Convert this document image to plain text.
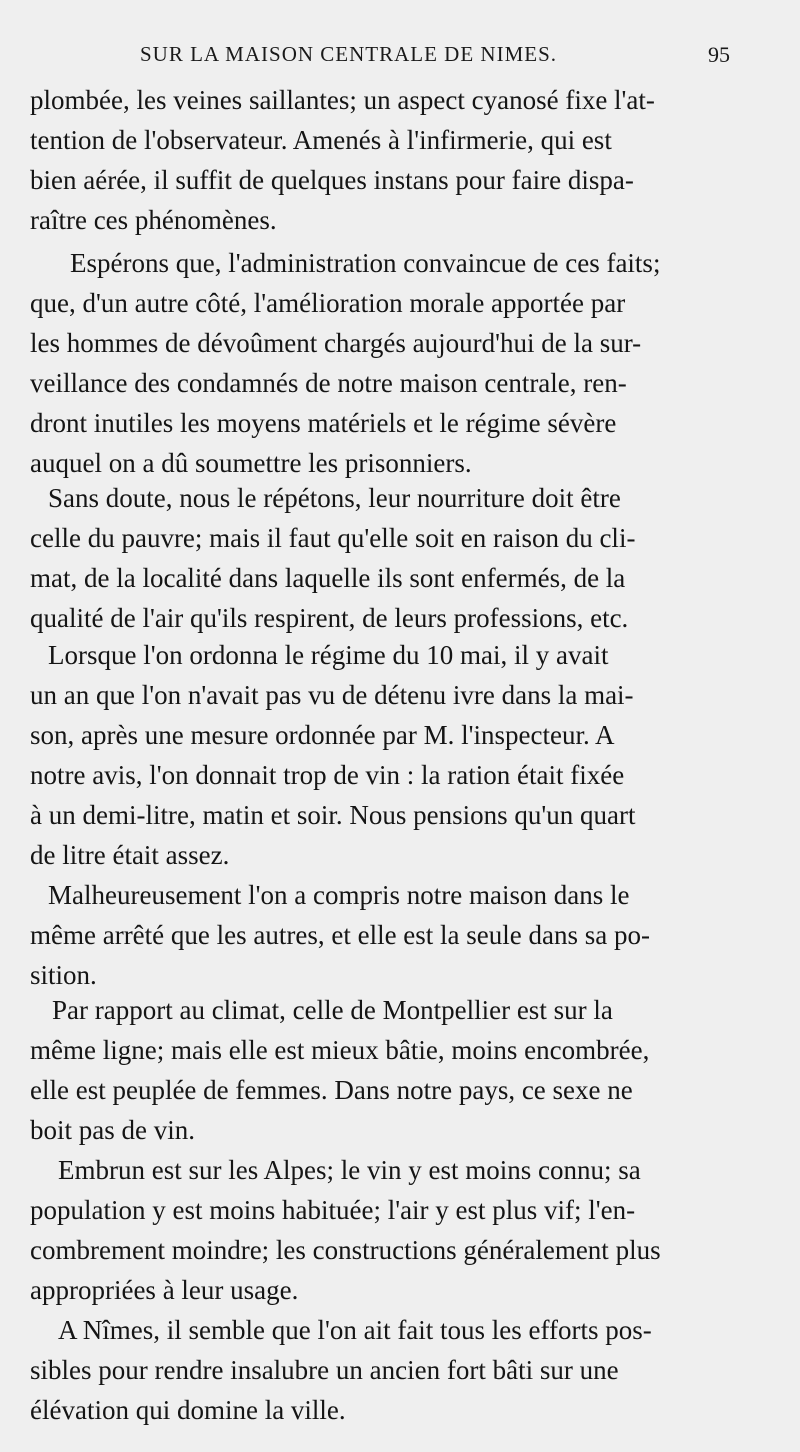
SUR LA MAISON CENTRALE DE NIMES.	95
plombée, les veines saillantes; un aspect cyanosé fixe l'at-
tention de l'observateur. Amenés à l'infirmerie, qui est
bien aérée, il suffit de quelques instans pour faire dispa-
raître ces phénomènes.
Espérons que, l'administration convaincue de ces faits;
que, d'un autre côté, l'amélioration morale apportée par
les hommes de dévoûment chargés aujourd'hui de la sur-
veillance des condamnés de notre maison centrale, ren-
dront inutiles les moyens matériels et le régime sévère
auquel on a dû soumettre les prisonniers.
Sans doute, nous le répétons, leur nourriture doit être
celle du pauvre; mais il faut qu'elle soit en raison du cli-
mat, de la localité dans laquelle ils sont enfermés, de la
qualité de l'air qu'ils respirent, de leurs professions, etc.
Lorsque l'on ordonna le régime du 10 mai, il y avait
un an que l'on n'avait pas vu de détenu ivre dans la mai-
son, après une mesure ordonnée par M. l'inspecteur. A
notre avis, l'on donnait trop de vin : la ration était fixée
à un demi-litre, matin et soir. Nous pensions qu'un quart
de litre était assez.
Malheureusement l'on a compris notre maison dans le
même arrêté que les autres, et elle est la seule dans sa po-
sition.
Par rapport au climat, celle de Montpellier est sur la
même ligne; mais elle est mieux bâtie, moins encombrée,
elle est peuplée de femmes. Dans notre pays, ce sexe ne
boit pas de vin.
Embrun est sur les Alpes; le vin y est moins connu; sa
population y est moins habituée; l'air y est plus vif; l'en-
combrement moindre; les constructions généralement plus
appropriées à leur usage.
A Nîmes, il semble que l'on ait fait tous les efforts pos-
sibles pour rendre insalubre un ancien fort bâti sur une
élévation qui domine la ville.
